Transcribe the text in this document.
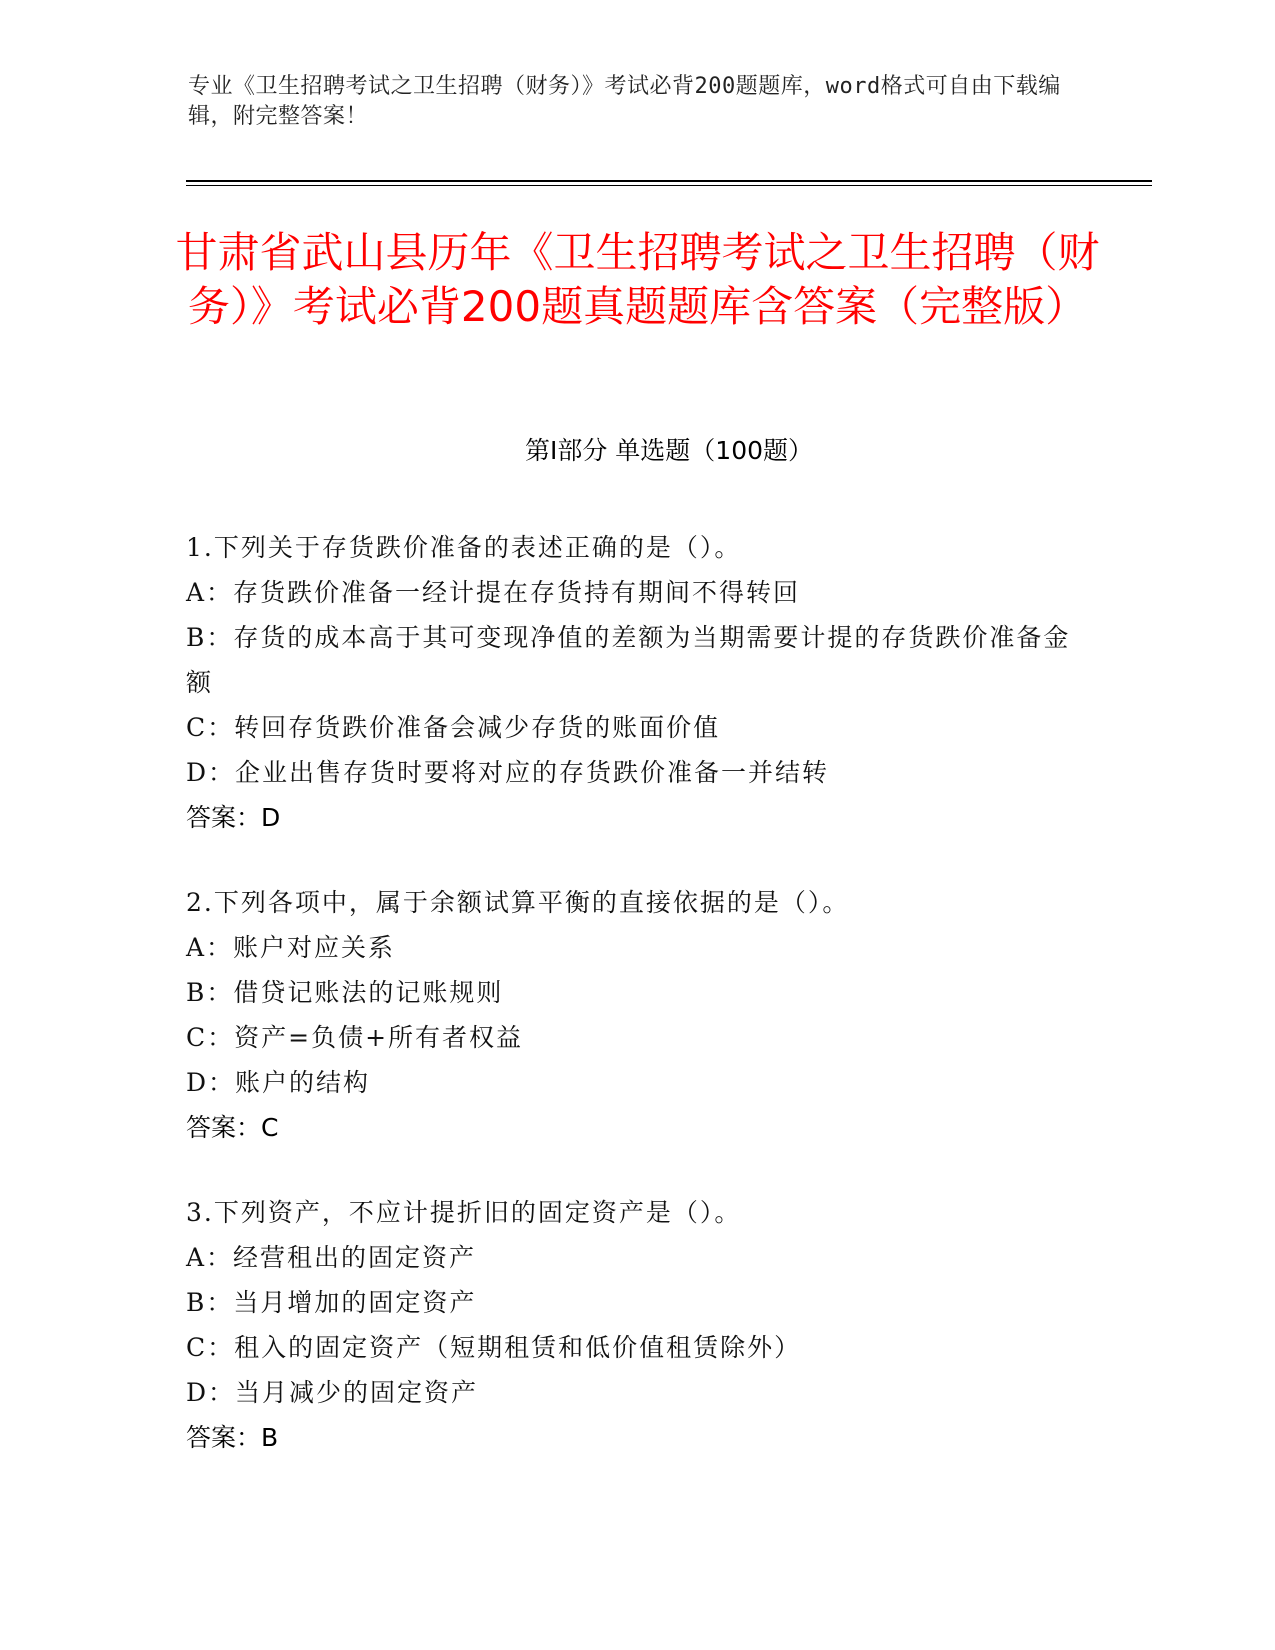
专业《卫生招聘考试之卫生招聘（财务）》考试必背200题题库，word格式可自由下载编辑，附完整答案！
甘肃省武山县历年《卫生招聘考试之卫生招聘（财务）》考试必背200题真题题库含答案（完整版）
第Ⅰ部分 单选题（100题）

1.下列关于存货跌价准备的表述正确的是（）。

A：存货跌价准备一经计提在存货持有期间不得转回

B：存货的成本高于其可变现净值的差额为当期需要计提的存货跌价准备金额

C：转回存货跌价准备会减少存货的账面价值

D：企业出售存货时要将对应的存货跌价准备一并结转

答案：D

2.下列各项中，属于余额试算平衡的直接依据的是（）。

A：账户对应关系

B：借贷记账法的记账规则

C：资产=负债+所有者权益

D：账户的结构

答案：C

3.下列资产，不应计提折旧的固定资产是（）。

A：经营租出的固定资产

B：当月增加的固定资产

C：租入的固定资产（短期租赁和低价值租赁除外）

D：当月减少的固定资产

答案：B
